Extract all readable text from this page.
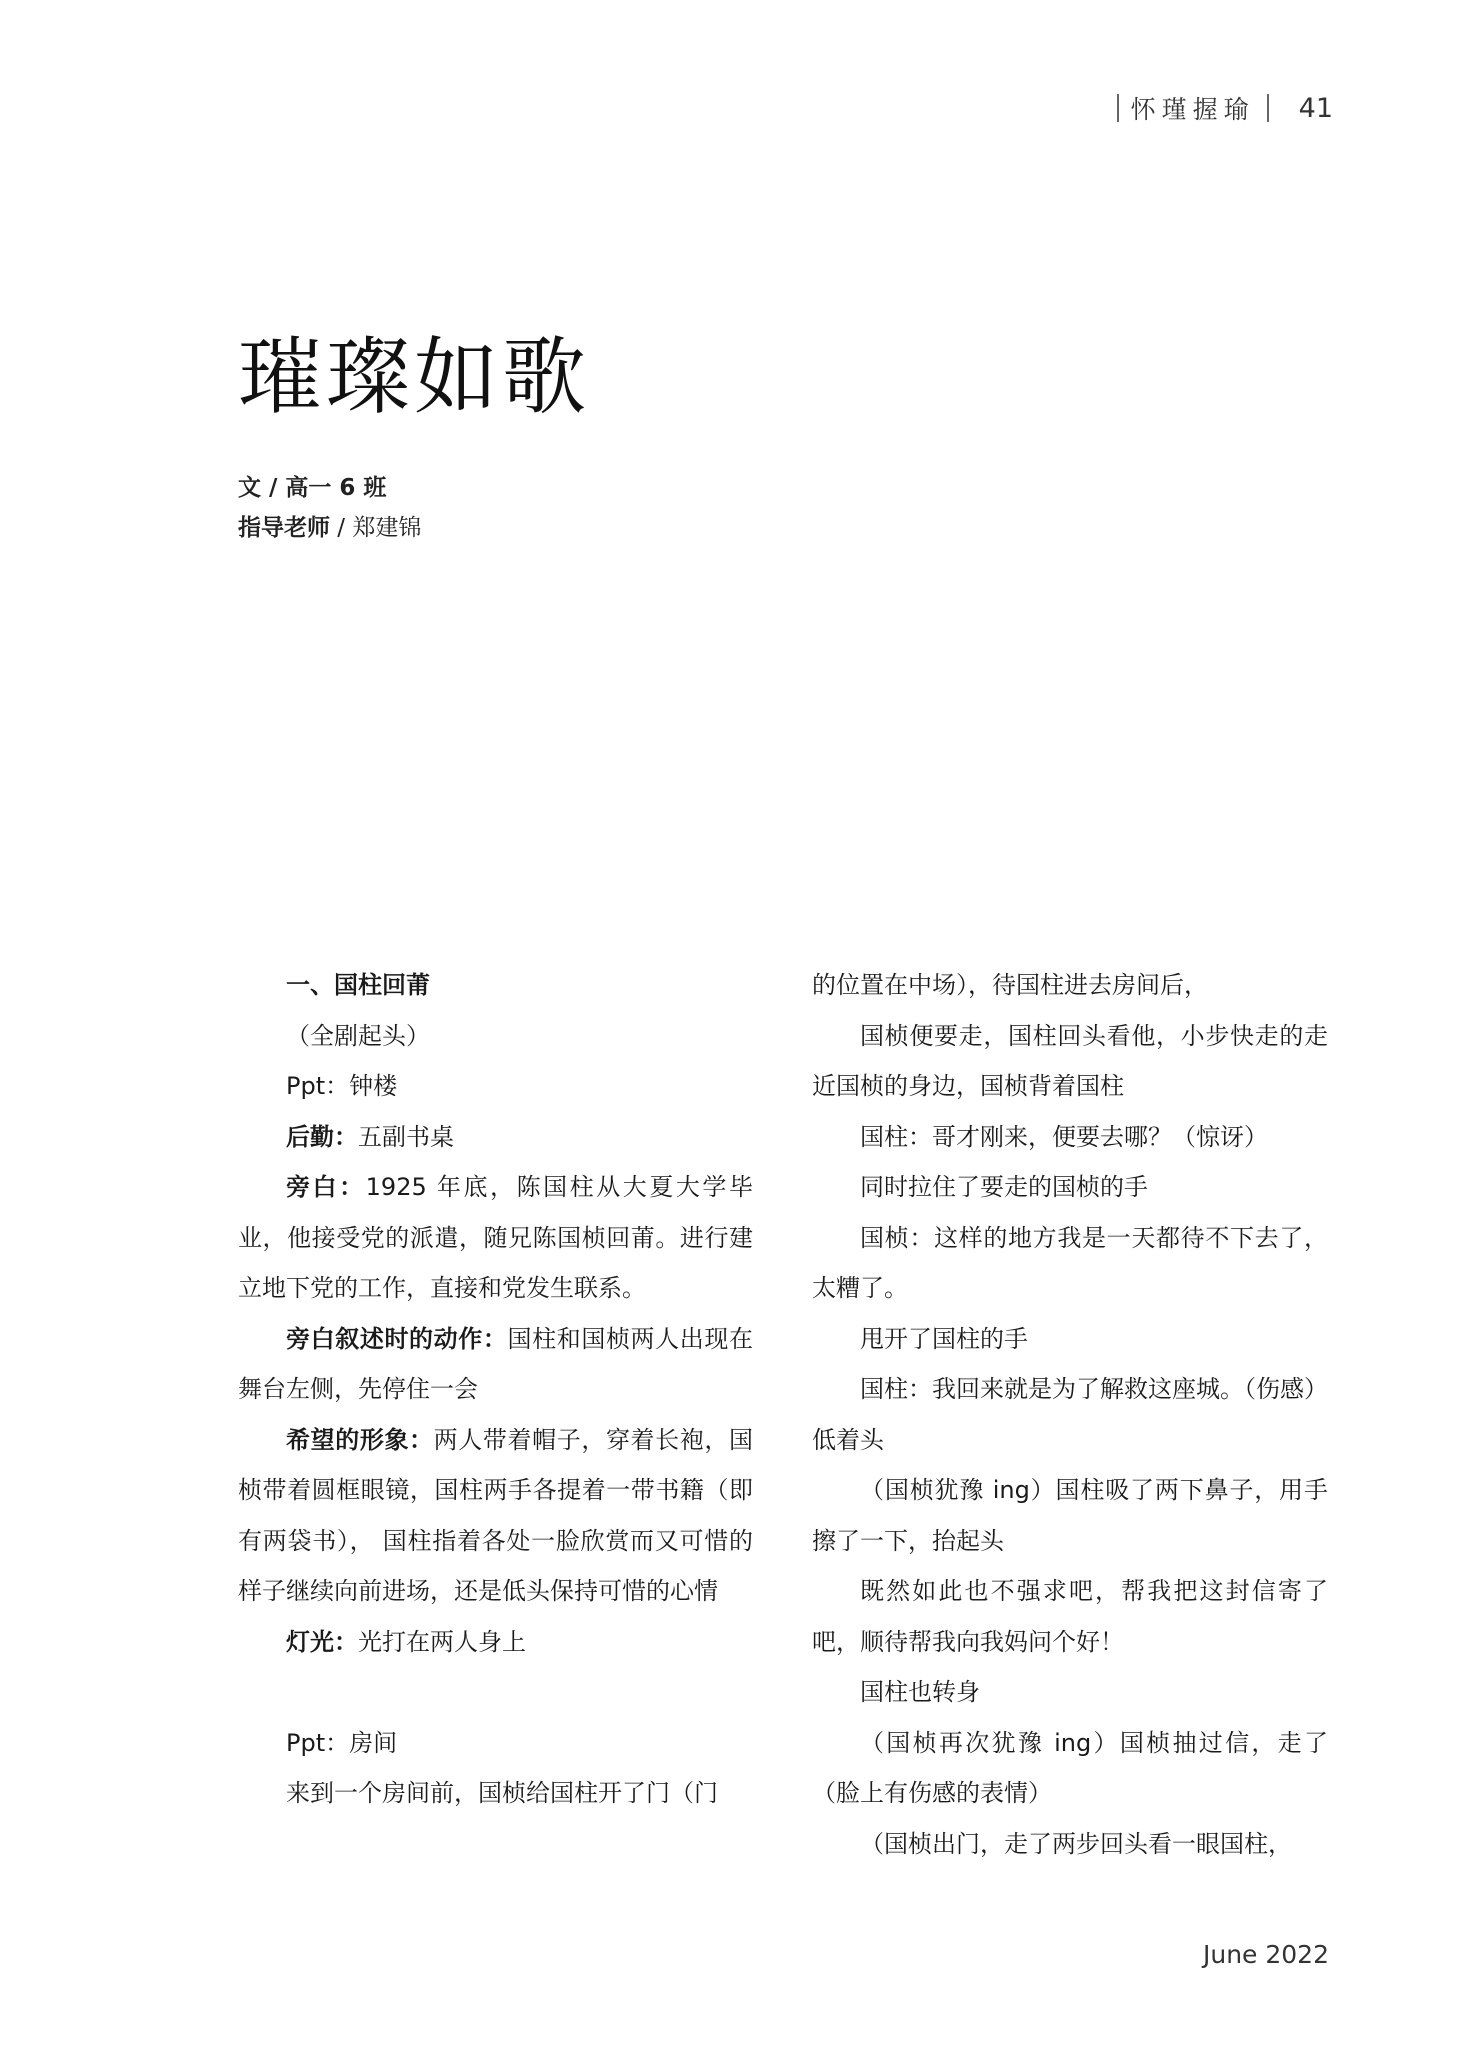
怀瑾握瑜 41
璀璨如歌
文 / 高一 6 班
指导老师 / 郑建锦

一、国柱回莆

（全剧起头）

Ppt：钟楼

后勤：五副书桌

旁白：1925 年底，陈国柱从大夏大学毕业，他接受党的派遣，随兄陈国桢回莆。进行建立地下党的工作，直接和党发生联系。

旁白叙述时的动作：国柱和国桢两人出现在舞台左侧，先停住一会

希望的形象：两人带着帽子，穿着长袍，国桢带着圆框眼镜，国柱两手各提着一带书籍（即有两袋书）， 国柱指着各处一脸欣赏而又可惜的样子继续向前进场，还是低头保持可惜的心情

灯光：光打在两人身上

Ppt：房间

来到一个房间前，国桢给国柱开了门（门

的位置在中场），待国柱进去房间后，

国桢便要走，国柱回头看他，小步快走的走近国桢的身边，国桢背着国柱

国柱：哥才刚来，便要去哪？（惊讶）

同时拉住了要走的国桢的手

国桢：这样的地方我是一天都待不下去了，太糟了。

甩开了国柱的手

国柱：我回来就是为了解救这座城。（伤感）低着头

（国桢犹豫 ing）国柱吸了两下鼻子，用手擦了一下，抬起头

既然如此也不强求吧，帮我把这封信寄了吧，顺待帮我向我妈问个好！

国柱也转身

（国桢再次犹豫 ing）国桢抽过信，走了（脸上有伤感的表情）

（国桢出门，走了两步回头看一眼国柱，

June 2022
